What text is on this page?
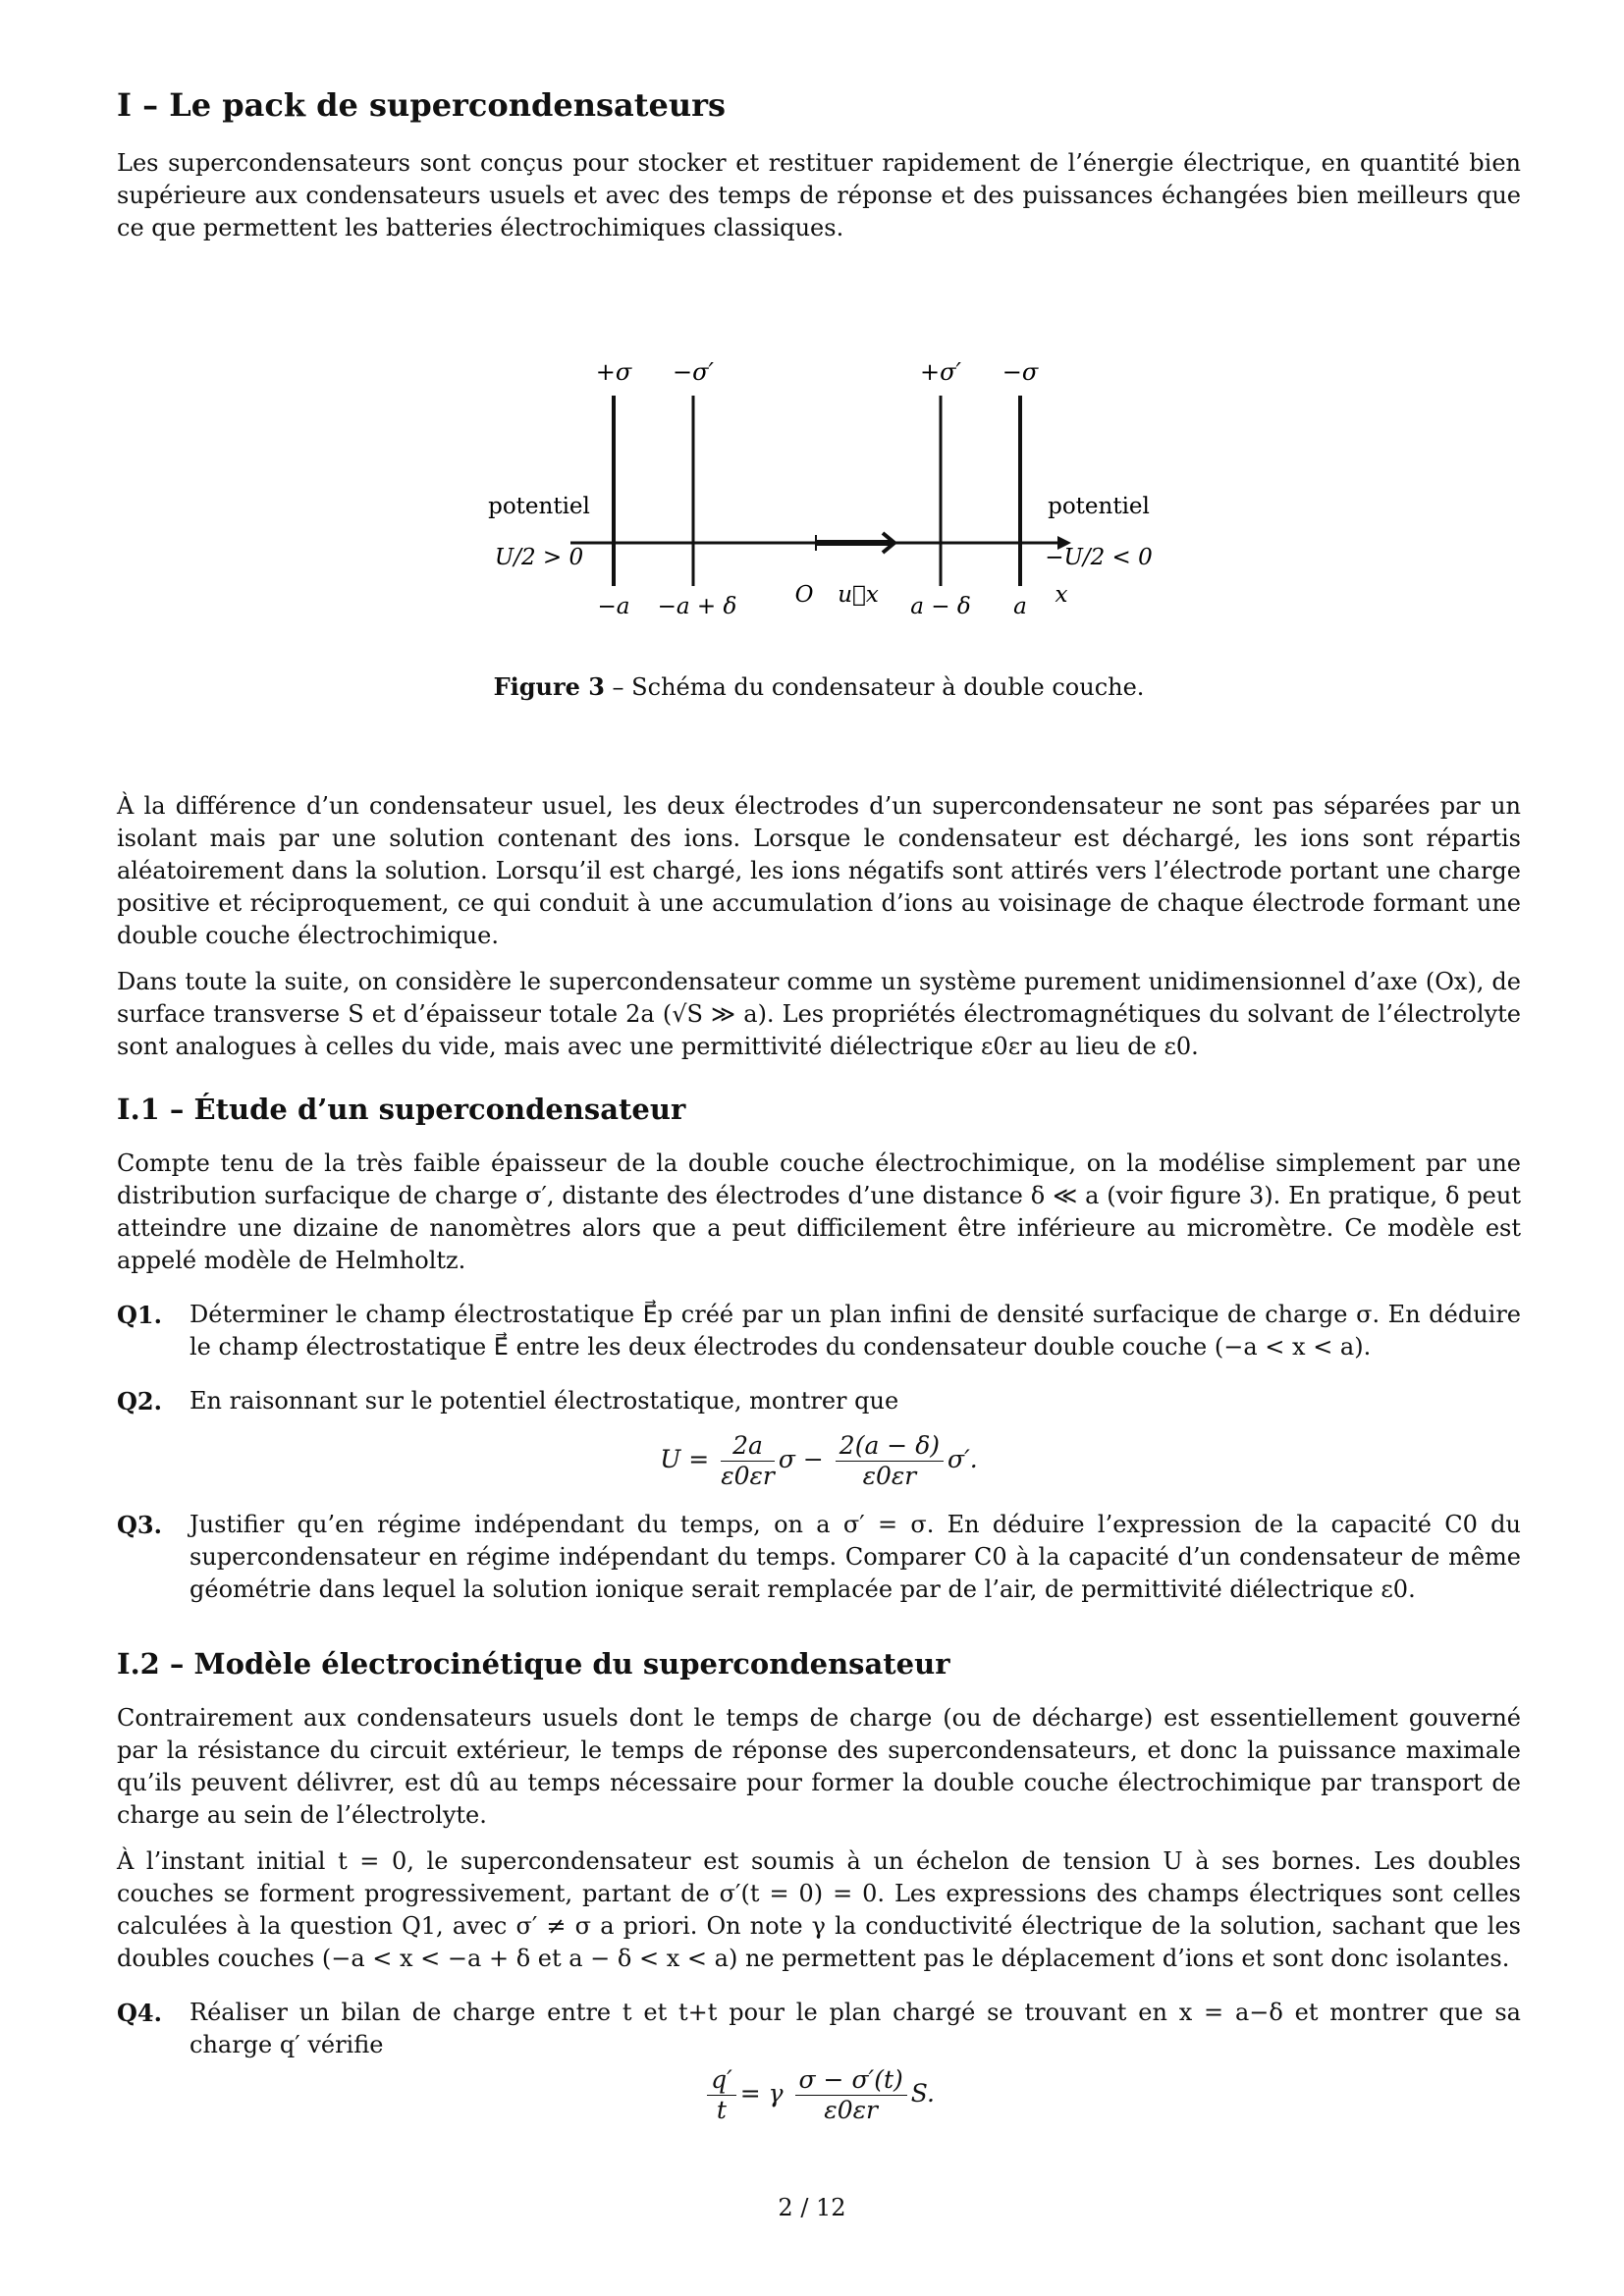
I – Le pack de supercondensateurs

Les supercondensateurs sont conçus pour stocker et restituer rapidement de l’énergie électrique, en quantité bien supérieure aux condensateurs usuels et avec des temps de réponse et des puissances échangées bien meilleurs que ce que permettent les batteries électrochimiques classiques.

+σ −σ′	+σ′ −σ
potentiel
U/2 > 0
potentiel
−U/2 < 0
−a −a + δ	O u⃗x a − δ a x
Figure 3 – Schéma du condensateur à double couche.

À la différence d’un condensateur usuel, les deux électrodes d’un supercondensateur ne sont pas séparées par un isolant mais par une solution contenant des ions. Lorsque le condensateur est déchargé, les ions sont répartis aléatoirement dans la solution. Lorsqu’il est chargé, les ions négatifs sont attirés vers l’électrode portant une charge positive et réciproquement, ce qui conduit à une accumulation d’ions au voisinage de chaque électrode formant une double couche électrochimique.

Dans toute la suite, on considère le supercondensateur comme un système purement unidimensionnel d’axe (Ox), de surface transverse S et d’épaisseur totale 2a (√S ≫ a). Les propriétés électromagnétiques du solvant de l’électrolyte sont analogues à celles du vide, mais avec une permittivité diélectrique ε0εr au lieu de ε0.

I.1 – Étude d’un supercondensateur

Compte tenu de la très faible épaisseur de la double couche électrochimique, on la modélise simplement par une distribution surfacique de charge σ′, distante des électrodes d’une distance δ ≪ a (voir figure 3). En pratique, δ peut atteindre une dizaine de nanomètres alors que a peut difficilement être inférieure au micromètre. Ce modèle est appelé modèle de Helmholtz.

Q1.	Déterminer le champ électrostatique E⃗p créé par un plan infini de densité surfacique de charge σ. En déduire le champ électrostatique E⃗ entre les deux électrodes du condensateur double couche (−a < x < a).
Q2.	En raisonnant sur le potentiel électrostatique, montrer que
$U = \frac{2a}{\varepsilon 0\varepsilon r}$ $\sigma - \frac{2(a - \delta)}{\varepsilon 0\varepsilon r} \sigma'$.
Q3.	Justifier qu’en régime indépendant du temps, on a σ′ = σ. En déduire l’expression de la capacité C0 du supercondensateur en régime indépendant du temps. Comparer C0 à la capacité d’un condensateur de même géométrie dans lequel la solution ionique serait remplacée par de l’air, de permittivité diélectrique ε0.
I.2 – Modèle électrocinétique du supercondensateur

Contrairement aux condensateurs usuels dont le temps de charge (ou de décharge) est essentiellement gouverné par la résistance du circuit extérieur, le temps de réponse des supercondensateurs, et donc la puissance maximale qu’ils peuvent délivrer, est dû au temps nécessaire pour former la double couche électrochimique par transport de charge au sein de l’électrolyte.

À l’instant initial t = 0, le supercondensateur est soumis à un échelon de tension U à ses bornes. Les doubles couches se forment progressivement, partant de σ′(t = 0) = 0. Les expressions des champs électriques sont celles calculées à la question Q1, avec σ′ ≠ σ a priori. On note γ la conductivité électrique de la solution, sachant que les doubles couches (−a < x < −a + δ et a − δ < x < a) ne permettent pas le déplacement d’ions et sont donc isolantes.

Q4.	Réaliser un bilan de charge entre t et t+t pour le plan chargé se trouvant en x = a−δ et montrer que sa charge q′ vérifie
$\frac{q'}{t} = \gamma \frac{\sigma - \sigma'(t)}{\varepsilon 0\varepsilon r} S$.
2 / 12
